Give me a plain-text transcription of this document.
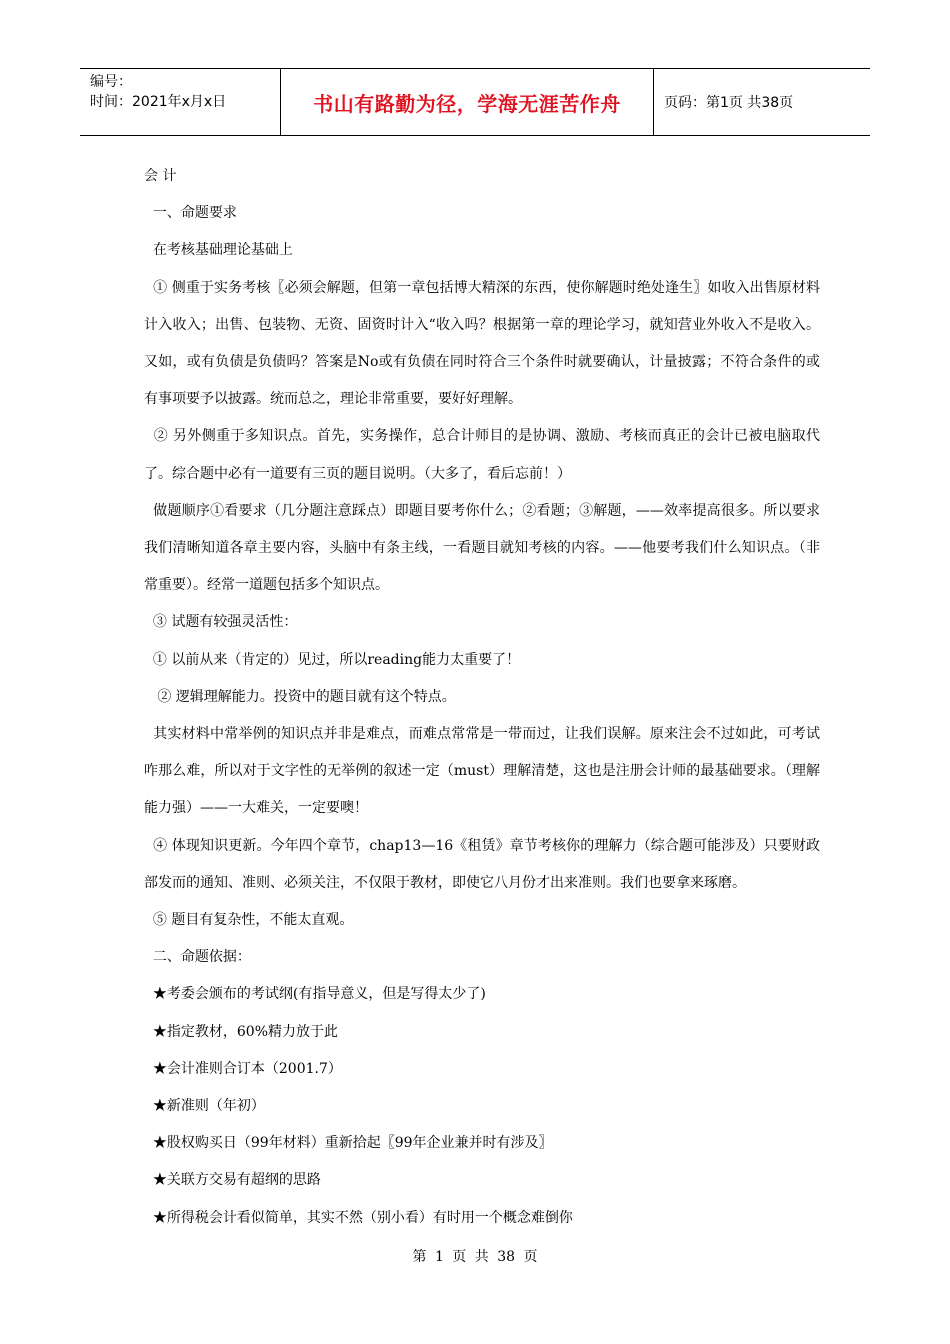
编号：
时间：2021年x月x日	书山有路勤为径，学海无涯苦作舟	页码：第1页 共38页

会 计

一、命题要求

在考核基础理论基础上

① 侧重于实务考核〖必须会解题，但第一章包括博大精深的东西，使你解题时绝处逢生〗如收入出售原材料计入收入；出售、包装物、无资、固资时计入“收入吗？根据第一章的理论学习，就知营业外收入不是收入。又如，或有负债是负债吗？答案是No或有负债在同时符合三个条件时就要确认，计量披露；不符合条件的或有事项要予以披露。统而总之，理论非常重要，要好好理解。

② 另外侧重于多知识点。首先，实务操作，总合计师目的是协调、激励、考核而真正的会计已被电脑取代了。综合题中必有一道要有三页的题目说明。（大多了，看后忘前！）

做题顺序①看要求（几分题注意踩点）即题目要考你什么；②看题；③解题，——效率提高很多。所以要求我们清晰知道各章主要内容，头脑中有条主线，一看题目就知考核的内容。——他要考我们什么知识点。（非常重要）。经常一道题包括多个知识点。

③ 试题有较强灵活性：

① 以前从来（肯定的）见过，所以reading能力太重要了！

② 逻辑理解能力。投资中的题目就有这个特点。

其实材料中常举例的知识点并非是难点，而难点常常是一带而过，让我们误解。原来注会不过如此，可考试咋那么难，所以对于文字性的无举例的叙述一定（must）理解清楚，这也是注册会计师的最基础要求。（理解能力强）——一大难关，一定要噢！

④ 体现知识更新。今年四个章节，chap13—16《租赁》章节考核你的理解力（综合题可能涉及）只要财政部发而的通知、准则、必须关注，不仅限于教材，即使它八月份才出来准则。我们也要拿来琢磨。

⑤ 题目有复杂性，不能太直观。

二、命题依据：

★考委会颁布的考试纲(有指导意义，但是写得太少了)

★指定教材，60%精力放于此

★会计准则合订本（2001.7）

★新准则（年初）

★股权购买日（99年材料）重新拾起〖99年企业兼并时有涉及〗

★关联方交易有超纲的思路

★所得税会计看似简单，其实不然（别小看）有时用一个概念难倒你

第 1 页 共 38 页
